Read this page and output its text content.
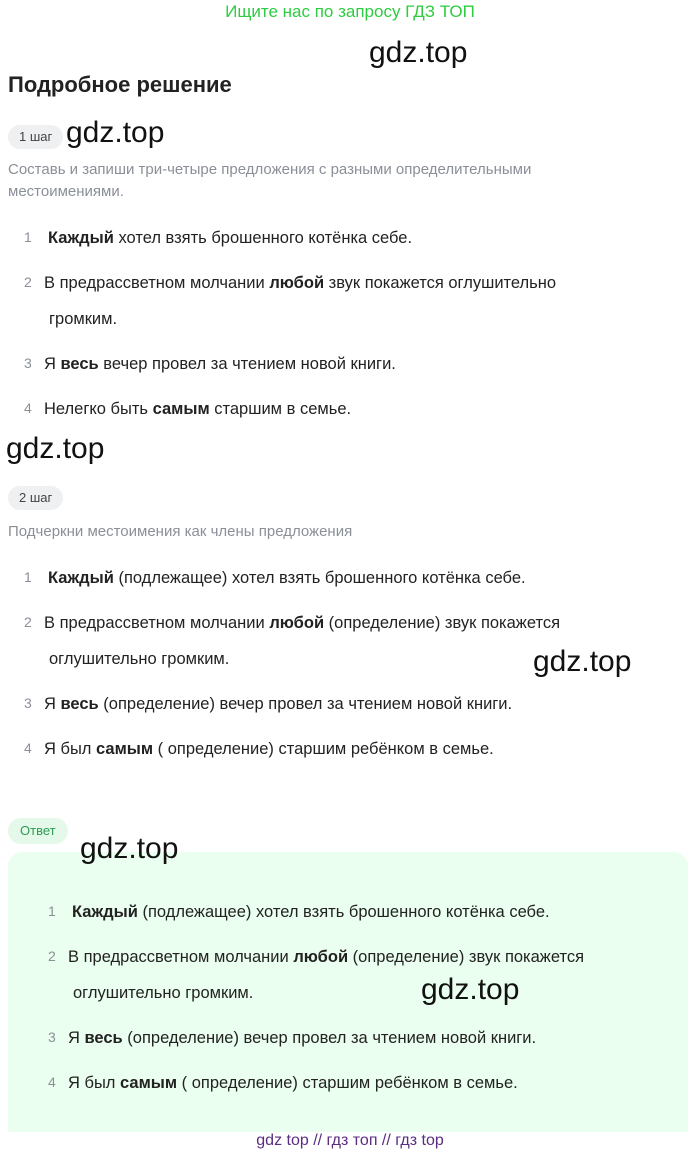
Ищите нас по запросу ГДЗ ТОП
gdz.top
Подробное решение
1 шаг gdz.top
Составь и запиши три-четыре предложения с разными определительными местоимениями.
1 Каждый хотел взять брошенного котёнка себе.
2 В предрассветном молчании любой звук покажется оглушительно
громким.
3 Я весь вечер провел за чтением новой книги.
4 Нелегко быть самым старшим в семье.
gdz.top
2 шаг
Подчеркни местоимения как члены предложения
1 Каждый (подлежащее) хотел взять брошенного котёнка себе.
2 В предрассветном молчании любой (определение) звук покажется
оглушительно громким.
3 Я весь (определение) вечер провел за чтением новой книги.
4 Я был самым ( определение) старшим ребёнком в семье.
gdz.top
Ответ
gdz.top
1 Каждый (подлежащее) хотел взять брошенного котёнка себе.
2 В предрассветном молчании любой (определение) звук покажется
оглушительно громким.
3 Я весь (определение) вечер провел за чтением новой книги.
4 Я был самым ( определение) старшим ребёнком в семье.
gdz.top
gdz top // гдз топ // гдз top
